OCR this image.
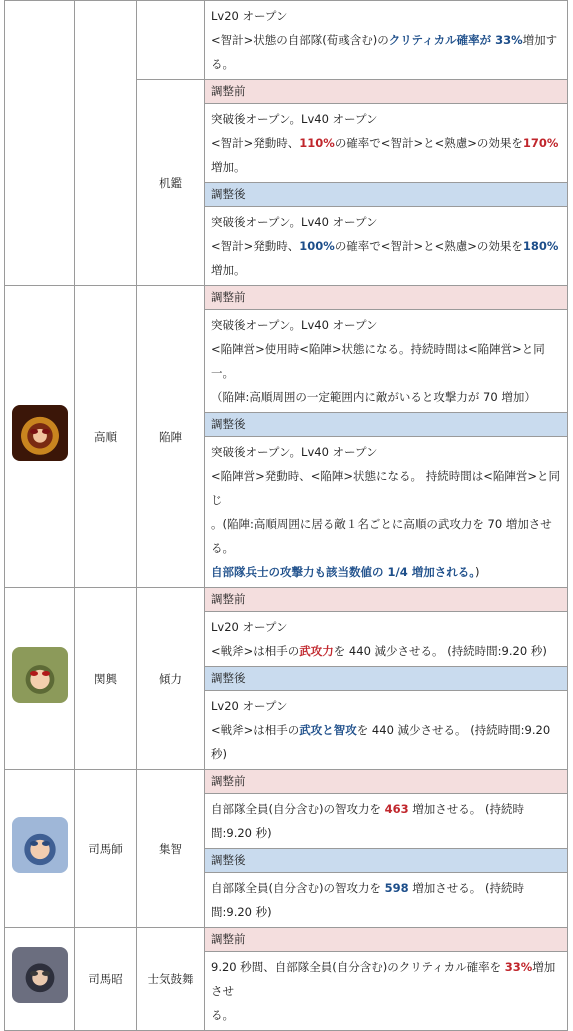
			Lv20 オープン
<智計>状態の自部隊(荀彧含む)のクリティカル確率が 33%増加す
る。

		机鑑	調整前

			突破後オープン。Lv40 オープン
<智計>発動時、110%の確率で<智計>と<熟慮>の効果を170%
増加。

			調整後

			突破後オープン。Lv40 オープン
<智計>発動時、100%の確率で<智計>と<熟慮>の効果を180%
増加。

	高順	陥陣	調整前

			突破後オープン。Lv40 オープン
<陥陣営>使用時<陥陣>状態になる。持続時間は<陥陣営>と同一。
（陥陣:高順周囲の一定範囲内に敵がいると攻撃力が 70 増加）

			調整後

			突破後オープン。Lv40 オープン
<陥陣営>発動時、<陥陣>状態になる。 持続時間は<陥陣営>と同じ
。(陥陣:高順周囲に居る敵１名ごとに高順の武攻力を 70 増加させる。
自部隊兵士の攻撃力も該当数値の 1/4 増加される。)

	関興	傾力	調整前

			Lv20 オープン
<戦斧>は相手の武攻力を 440 減少させる。 (持続時間:9.20 秒)

			調整後

			Lv20 オープン
<戦斧>は相手の武攻と智攻を 440 減少させる。 (持続時間:9.20 秒)

	司馬師	集智	調整前

			自部隊全員(自分含む)の智攻力を 463 増加させる。 (持続時
間:9.20 秒)

			調整後

			自部隊全員(自分含む)の智攻力を 598 増加させる。 (持続時
間:9.20 秒)

	司馬昭	士気鼓舞	調整前

			9.20 秒間、自部隊全員(自分含む)のクリティカル確率を 33%増加させ
る。
